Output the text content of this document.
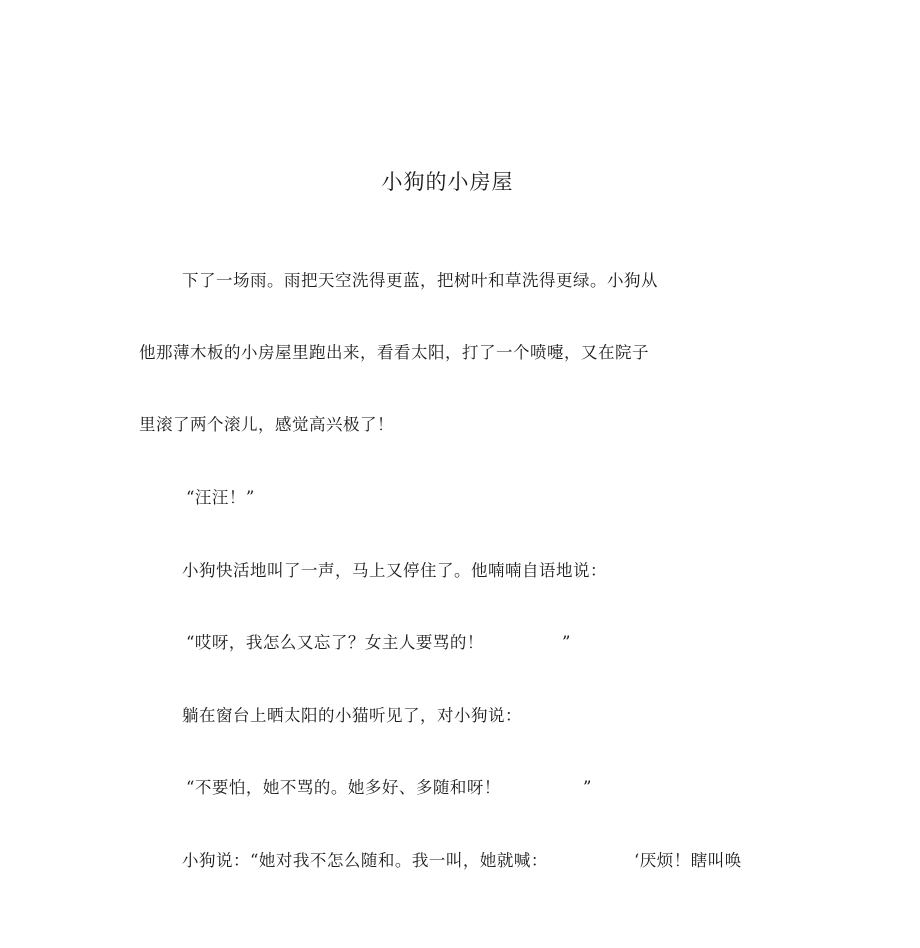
小狗的小房屋
下了一场雨。雨把天空洗得更蓝，把树叶和草洗得更绿。小狗从
他那薄木板的小房屋里跑出来，看看太阳，打了一个喷嚏，又在院子
里滚了两个滚儿，感觉高兴极了！
“汪汪！”
小狗快活地叫了一声，马上又停住了。他喃喃自语地说：
“哎呀，我怎么又忘了？女主人要骂的！	”
躺在窗台上晒太阳的小猫听见了，对小狗说：
“不要怕，她不骂的。她多好、多随和呀！	”
小狗说：“她对我不怎么随和。我一叫，她就喊：	‘厌烦！瞎叫唤
